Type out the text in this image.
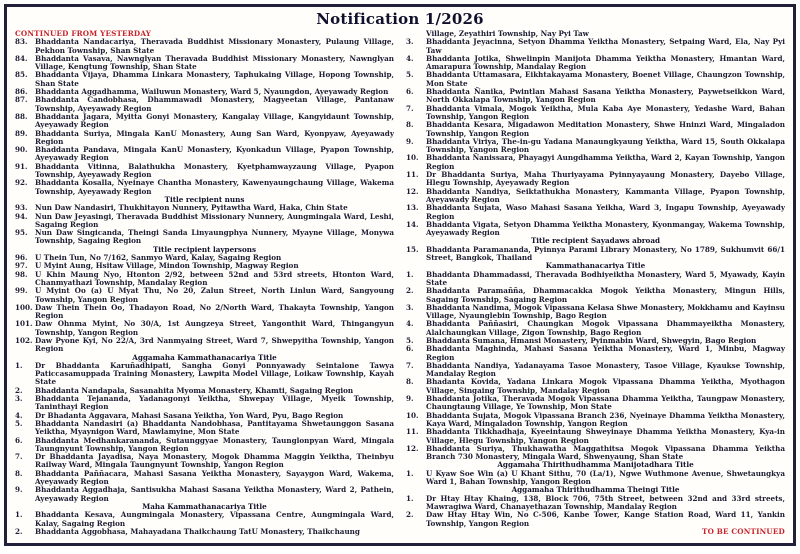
Notification 1/2026
CONTINUED FROM YESTERDAY
83.	Bhaddanta Nandacariya, Theravada Buddhist Missionary Monastery, Pulaung Village, Pekhon Township, Shan State
84.	Bhaddanta Vasava, Nawnglyan Theravada Buddhist Missionary Monastery, Nawnglyan Village, Kengtung Township, Shan State
85.	Bhaddanta Vijaya, Dhamma Linkara Monastery, Taphukaing Village, Hopong Township, Shan State
86.	Bhaddanta Aggadhamma, Wailuwun Monastery, Ward 5, Nyaungdon, Ayeyawady Region
87.	Bhaddanta Candobhasa, Dhammawadi Monastery, Magyeetan Village, Pantanaw Township, Ayeyawady Region
88.	Bhaddanta Jagara, Myitta Gonyi Monastery, Kangalay Village, Kangyidaunt Township, Ayeyawady Region
89.	Bhaddanta Suriya, Mingala KanU Monastery, Aung San Ward, Kyonpyaw, Ayeyawady Region
90.	Bhaddanta Pandava, Mingala KanU Monastery, Kyonkadun Village, Pyapon Township, Ayeyawady Region
91.	Bhaddanta Vitinna, Balathukha Monastery, Kyetphamwayzaung Village, Pyapon Township, Ayeyawady Region
92.	Bhaddanta Kosalla, Nyeinaye Chantha Monastery, Kawenyaungchaung Village, Wakema Township, Ayeyawady Region
Title recipient nuns
93.	Nun Daw Nandasiri, Thukhitayon Nunnery, Pyitawtha Ward, Haka, Chin State
94.	Nun Daw Jeyasingi, Theravada Buddhist Missionary Nunnery, Aungmingala Ward, Leshi, Sagaing Region
95.	Nun Daw Singicanda, Theingi Sanda Linyaungphya Nunnery, Myayne Village, Monywa Township, Sagaing Region
Title recipient laypersons
96.	U Thein Tun, No 7/162, Sanmyo Ward, Kalay, Sagaing Region
97.	U Myint Aung, Hsitaw Village, Mindon Township, Magway Region
98.	U Khin Maung Nyo, Htonton 2/92, between 52nd and 53rd streets, Htonton Ward, Chanmyathazi Township, Mandalay Region
99.	U Myint Oo (a) U Myat Thu, No 20, Zalun Street, North Linlun Ward, Sangyoung Township, Yangon Region
100. Daw Thein Thein Oo, Thadayon Road, No 2/North Ward, Thakayta Township, Yangon Region
101. Daw Ohnma Myint, No 30/A, 1st Aungzeya Street, Yangonthit Ward, Thingangyun Township, Yangon Region
102. Daw Pyone Kyi, No 22/A, 3rd Nanmyaing Street, Ward 7, Shwepyitha Township, Yangon Region
Aggamaha Kammathanacariya Title
1.	Dr Bhaddanta Karuñadhipati, Sangha Gonyi Ponnyawady Seintalone Tawya Paticcasamuppada Training Monastery, Lawpita Model Village, Loikaw Township, Kayah State
2.	Bhaddanta Nandapala, Sasanahita Myoma Monastery, Khamti, Sagaing Region
3.	Bhaddanta Tejananda, Yadanagonyi Yeiktha, Shwepay Village, Myeik Township, Taninthayi Region
4.	Dr Bhadanta Aggavara, Mahasi Sasana Yeiktha, Yon Ward, Pyu, Bago Region
5.	Bhaddanta Nandasiri (a) Bhaddanta Nandobhasa, Pantitayama Shwetaunggon Sasana Yeiktha, Myaynigon Ward, Mawlamyine, Mon State
6.	Bhaddanta Medhankarananda, Sutaunggyae Monastery, Taunglonpyan Ward, Mingala Taungnyunt Township, Yangon Region
7.	Dr Bhaddanta Jayadisa, Naya Monastery, Mogok Dhamma Maggin Yeiktha, Theinbyu Railway Ward, Mingala Taungnyunt Township, Yangon Region
8.	Bhaddanta Paññacara, Mahasi Sasana Yeiktha Monastery, Sayaygon Ward, Wakema, Ayeyawady Region
9.	Bhaddanta Aggadhaja, Santisukha Mahasi Sasana Yeiktha Monastery, Ward 2, Pathein, Ayeyawady Region
Maha Kammathanacariya Title
1.	Bhaddanta Kesava, Aungmingala Monastery, Vipassana Centre, Aungmingala Ward, Kalay, Sagaing Region
2.	Bhaddanta Aggobhasa, Mahayadana Thaikchaung TatU Monastery, Thaikchaung
Village, Zeyathiri Township, Nay Pyi Taw
3.	Bhaddanta Jeyacinna, Setyon Dhamma Yeiktha Monastery, Setpaing Ward, Ela, Nay Pyi Taw
4.	Bhaddanta Jotika, Shwelinpin Manijota Dhamma Yeiktha Monastery, Hmantan Ward, Amarapura Township, Mandalay Region
5.	Bhaddanta Uttamasara, Eikhtakayama Monastery, Boenet Village, Chaungzon Township, Mon State
6.	Bhaddanta Ñanika, Pwintlan Mahasi Sasana Yeiktha Monastery, Paywetseikkon Ward, North Okkalapa Township, Yangon Region
7.	Bhaddanta Vimala, Mogok Yeiktha, Mula Kaba Aye Monastery, Yedashe Ward, Bahan Township, Yangon Region
8.	Bhaddanta Kesara, Migadawon Meditation Monastery, Shwe Hninzi Ward, Mingaladon Township, Yangon Region
9.	Bhaddanta Viriya, The-in-gu Yadana Manaungkyaung Yeiktha, Ward 15, South Okkalapa Township, Yangon Region
10.	Bhaddanta Ñanissara, Phayagyi Aungdhamma Yeiktha, Ward 2, Kayan Township, Yangon Region
11.	Dr Bhaddanta Suriya, Maha Thuriyayama Pyinnyayaung Monastery, Dayebo Village, Hlegu Township, Ayeyawady Region
12.	Bhaddanta Nandiya, Seiktathukha Monastery, Kammanta Village, Pyapon Township, Ayeyawady Region
13.	Bhaddanta Sujata, Waso Mahasi Sasana Yeikha, Ward 3, Ingapu Township, Ayeyawady Region
14.	Bhaddanta Vigata, Setyon Dhamma Yeiktha Monastery, Kyonmangay, Wakema Township, Ayeyawady Region
Title recipient Sayadaws abroad
15.	Bhaddanta Paramananda, Pyinnya Parami Library Monastery, No 1789, Sukhumvit 66/1 Street, Bangkok, Thailand
Kammathanacariya Title
1.	Bhaddanta Dhammadassi, Theravada Bodhiyeiktha Monastery, Ward 5, Myawady, Kayin State
2.	Bhaddanta Paramañña, Dhammacakka Mogok Yeiktha Monastery, Mingun Hills, Sagaing Township, Sagaing Region
3.	Bhaddanta Nandima, Mogok Vipassana Kelasa Shwe Monastery, Mokkhamu and Kayinsu Village, Nyaunglebin Township, Bago Region
4.	Bhaddanta Paññasiri, Chaungkan Mogok Vipassana Dhammayeiktha Monastery, Alalchaungkan Village, Zigon Township, Bago Region
5.	Bhaddanta Sumana, Hmansi Monastery, Pyinmabin Ward, Shwegyin, Bago Region
6.	Bhaddanta Maghinda, Mahasi Sasana Yeiktha Monastery, Ward 1, Minbu, Magway Region
7.	Bhaddanta Nandiya, Yadanayama Tasoe Monastery, Tasoe Village, Kyaukse Township, Mandalay Region
8.	Bhadanta Kovida, Yadana Linkara Mogok Vipassana Dhamma Yeiktha, Myothagon Village, Singaing Township, Mandalay Region
9.	Bhaddanta Jotika, Theravada Mogok Vipassana Dhamma Yeiktha, Taungpaw Monastery, Chaungtaung Village, Ye Township, Mon State
10.	Bhaddanta Sujata, Mogok Vipassana Branch 236, Nyeinaye Dhamma Yeiktha Monastery, Kaya Ward, Mingaladon Township, Yangon Region
11.	Bhaddanta Tikkhadhaja, Kyeeintaung Shweyinaye Dhamma Yeiktha Monastery, Kya-in Village, Hlegu Township, Yangon Region
12.	Bhaddanta Suriya, Thukhawatha Maggathitsa Mogok Vipassana Dhamma Yeiktha Branch 730 Monastery, Mingala Ward, Shwenyaung, Shan State
Aggamaha Thirithudhamma Manijotadhara Title
1.	U Kyaw Soe Win (a) U Khant Sithu, 70 (La/1), Ngwe Wuthmone Avenue, Shwetaungkya Ward 1, Bahan Township, Yangon Region
Aggamaha Thirithudhamma Theingi Title
1.	Dr Htay Htay Khaing, 138, Block 706, 75th Street, between 32nd and 33rd streets, Mawragiwa Ward, Chanayethazan Township, Mandalay Region
2.	Daw Htay Htay Win, No C-506, Kanbe Tower, Kange Station Road, Ward 11, Yankin Township, Yangon Region
TO BE CONTINUED
